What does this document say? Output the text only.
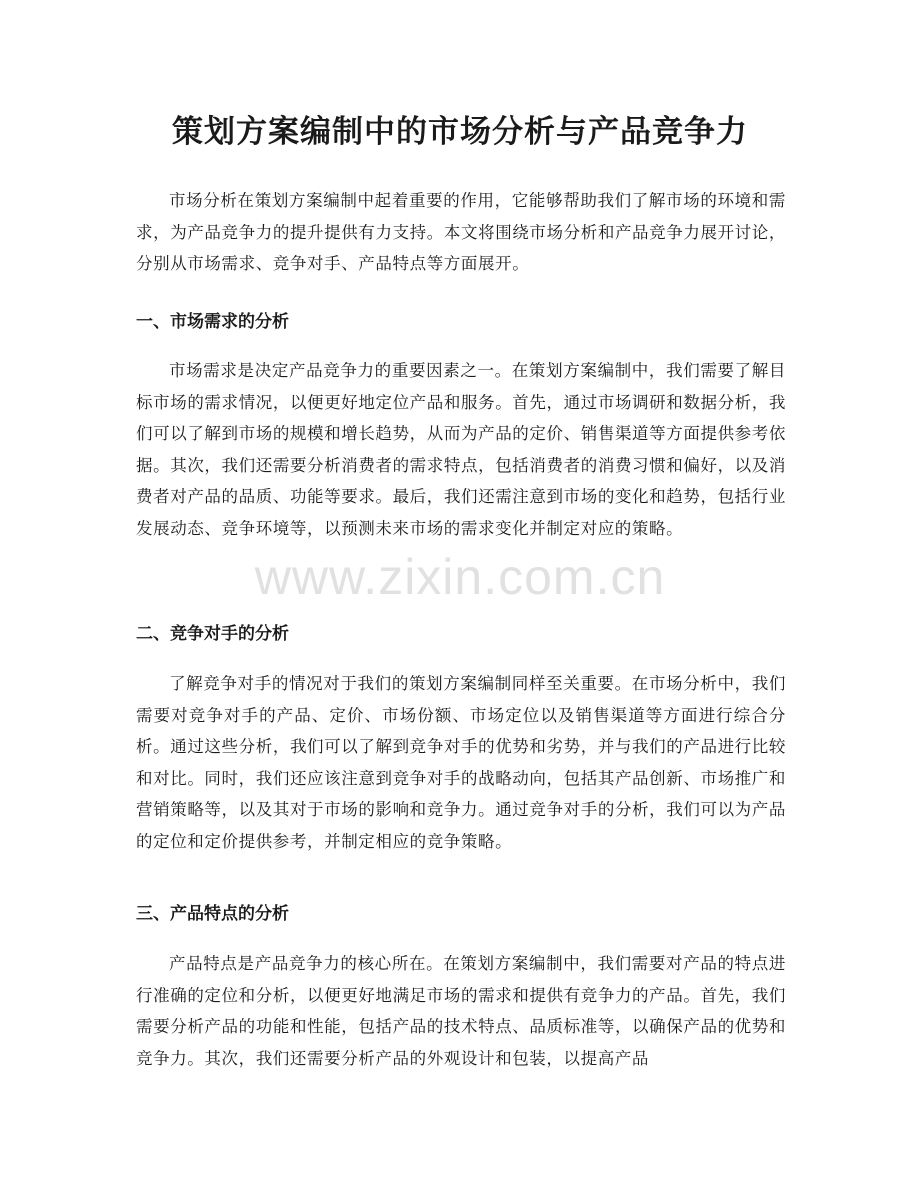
策划方案编制中的市场分析与产品竞争力

市场分析在策划方案编制中起着重要的作用，它能够帮助我们了解市场的环境和需求，为产品竞争力的提升提供有力支持。本文将围绕市场分析和产品竞争力展开讨论，分别从市场需求、竞争对手、产品特点等方面展开。

一、市场需求的分析

市场需求是决定产品竞争力的重要因素之一。在策划方案编制中，我们需要了解目标市场的需求情况，以便更好地定位产品和服务。首先，通过市场调研和数据分析，我们可以了解到市场的规模和增长趋势，从而为产品的定价、销售渠道等方面提供参考依据。其次，我们还需要分析消费者的需求特点，包括消费者的消费习惯和偏好，以及消费者对产品的品质、功能等要求。最后，我们还需注意到市场的变化和趋势，包括行业发展动态、竞争环境等，以预测未来市场的需求变化并制定对应的策略。

二、竞争对手的分析

了解竞争对手的情况对于我们的策划方案编制同样至关重要。在市场分析中，我们需要对竞争对手的产品、定价、市场份额、市场定位以及销售渠道等方面进行综合分析。通过这些分析，我们可以了解到竞争对手的优势和劣势，并与我们的产品进行比较和对比。同时，我们还应该注意到竞争对手的战略动向，包括其产品创新、市场推广和营销策略等，以及其对于市场的影响和竞争力。通过竞争对手的分析，我们可以为产品的定位和定价提供参考，并制定相应的竞争策略。

三、产品特点的分析

产品特点是产品竞争力的核心所在。在策划方案编制中，我们需要对产品的特点进行准确的定位和分析，以便更好地满足市场的需求和提供有竞争力的产品。首先，我们需要分析产品的功能和性能，包括产品的技术特点、品质标准等，以确保产品的优势和竞争力。其次，我们还需要分析产品的外观设计和包装，以提高产品

www.zixin.com.cn
